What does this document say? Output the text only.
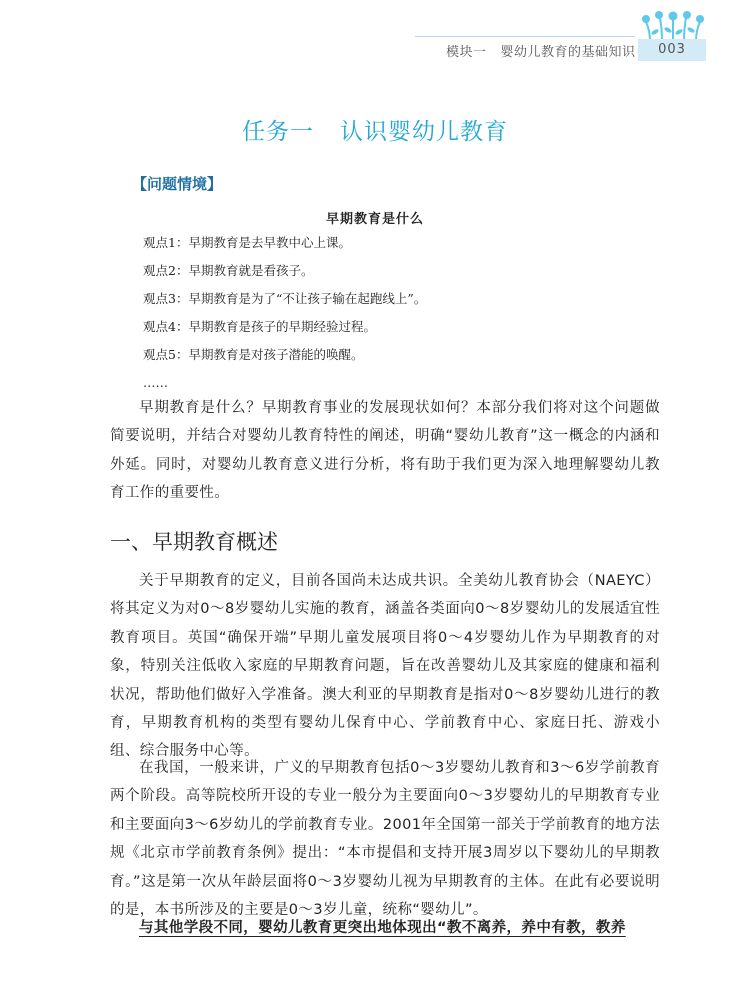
模块一 婴幼儿教育的基础知识	003
任务一 认识婴幼儿教育
【问题情境】
早期教育是什么
观点1：早期教育是去早教中心上课。
观点2：早期教育就是看孩子。
观点3：早期教育是为了“不让孩子输在起跑线上”。
观点4：早期教育是孩子的早期经验过程。
观点5：早期教育是对孩子潜能的唤醒。
……

早期教育是什么？早期教育事业的发展现状如何？本部分我们将对这个问题做简要说明，并结合对婴幼儿教育特性的阐述，明确“婴幼儿教育”这一概念的内涵和外延。同时，对婴幼儿教育意义进行分析，将有助于我们更为深入地理解婴幼儿教育工作的重要性。

一、早期教育概述

关于早期教育的定义，目前各国尚未达成共识。全美幼儿教育协会（NAEYC）将其定义为对0～8岁婴幼儿实施的教育，涵盖各类面向0～8岁婴幼儿的发展适宜性教育项目。英国“确保开端”早期儿童发展项目将0～4岁婴幼儿作为早期教育的对象，特别关注低收入家庭的早期教育问题，旨在改善婴幼儿及其家庭的健康和福利状况，帮助他们做好入学准备。澳大利亚的早期教育是指对0～8岁婴幼儿进行的教育，早期教育机构的类型有婴幼儿保育中心、学前教育中心、家庭日托、游戏小组、综合服务中心等。

在我国，一般来讲，广义的早期教育包括0～3岁婴幼儿教育和3～6岁学前教育两个阶段。高等院校所开设的专业一般分为主要面向0～3岁婴幼儿的早期教育专业和主要面向3～6岁幼儿的学前教育专业。2001年全国第一部关于学前教育的地方法规《北京市学前教育条例》提出：“本市提倡和支持开展3周岁以下婴幼儿的早期教育。”这是第一次从年龄层面将0～3岁婴幼儿视为早期教育的主体。在此有必要说明的是，本书所涉及的主要是0～3岁儿童，统称“婴幼儿”。

与其他学段不同，婴幼儿教育更突出地体现出“教不离养，养中有教，教养
